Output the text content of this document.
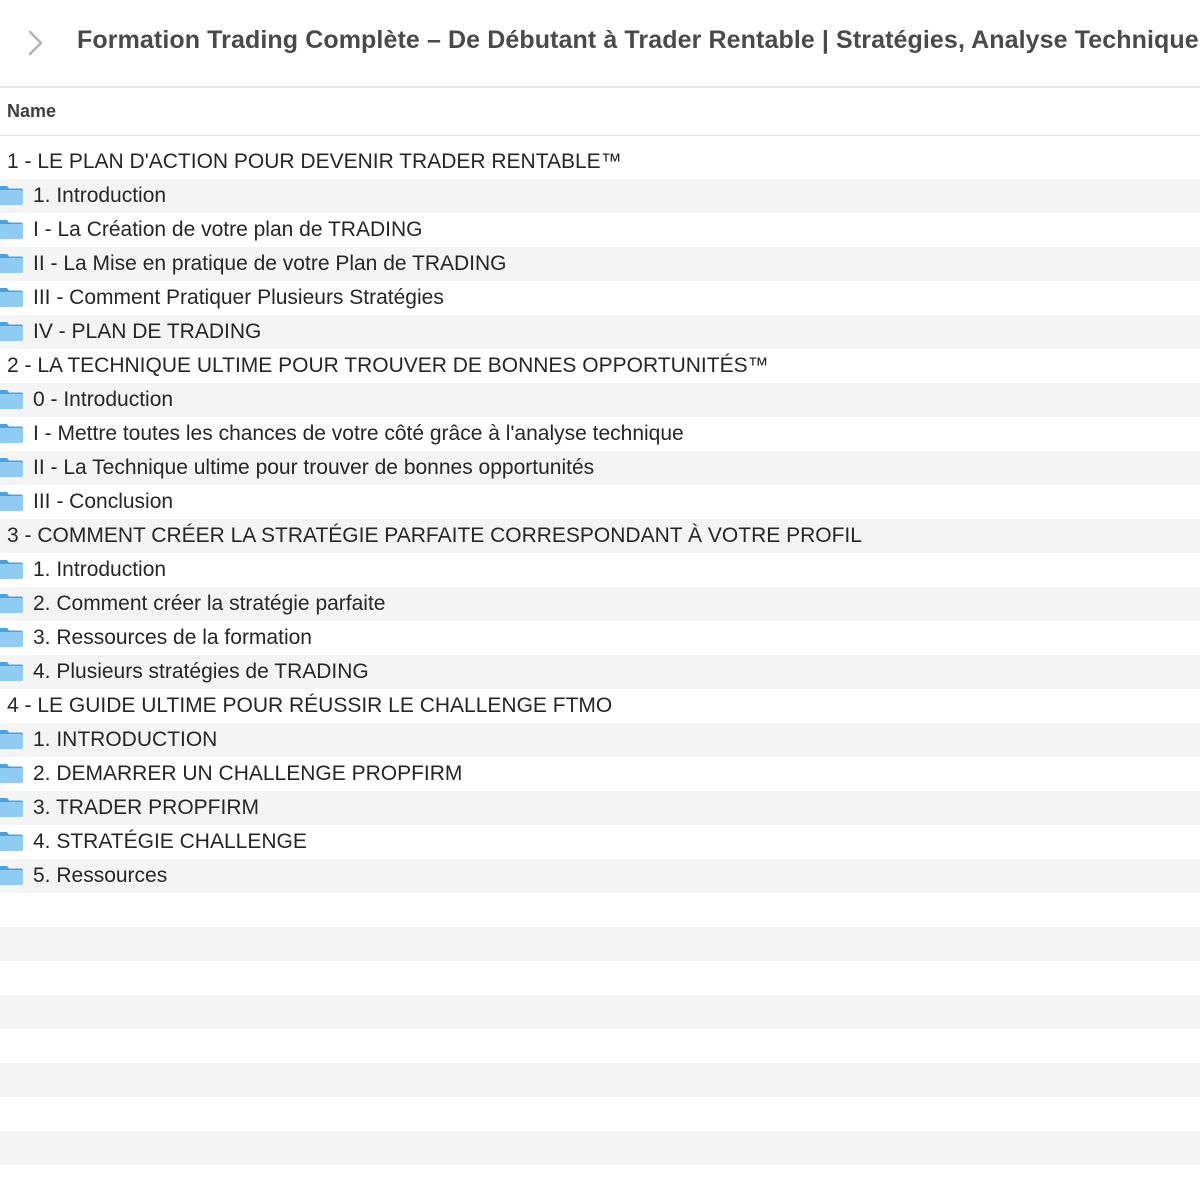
Formation Trading Complète – De Débutant à Trader Rentable | Stratégies, Analyse Technique
Name
1 - LE PLAN D'ACTION POUR DEVENIR TRADER RENTABLE™
1. Introduction
I - La Création de votre plan de TRADING
II - La Mise en pratique de votre Plan de TRADING
III - Comment Pratiquer Plusieurs Stratégies
IV - PLAN DE TRADING
2 - LA TECHNIQUE ULTIME POUR TROUVER DE BONNES OPPORTUNITÉS™
0 - Introduction
I - Mettre toutes les chances de votre côté grâce à l'analyse technique
II - La Technique ultime pour trouver de bonnes opportunités
III - Conclusion
3 - COMMENT CRÉER LA STRATÉGIE PARFAITE CORRESPONDANT À VOTRE PROFIL
1. Introduction
2. Comment créer la stratégie parfaite
3. Ressources de la formation
4. Plusieurs stratégies de TRADING
4 - LE GUIDE ULTIME POUR RÉUSSIR LE CHALLENGE FTMO
1. INTRODUCTION
2. DEMARRER UN CHALLENGE PROPFIRM
3. TRADER PROPFIRM
4. STRATÉGIE CHALLENGE
5. Ressources
